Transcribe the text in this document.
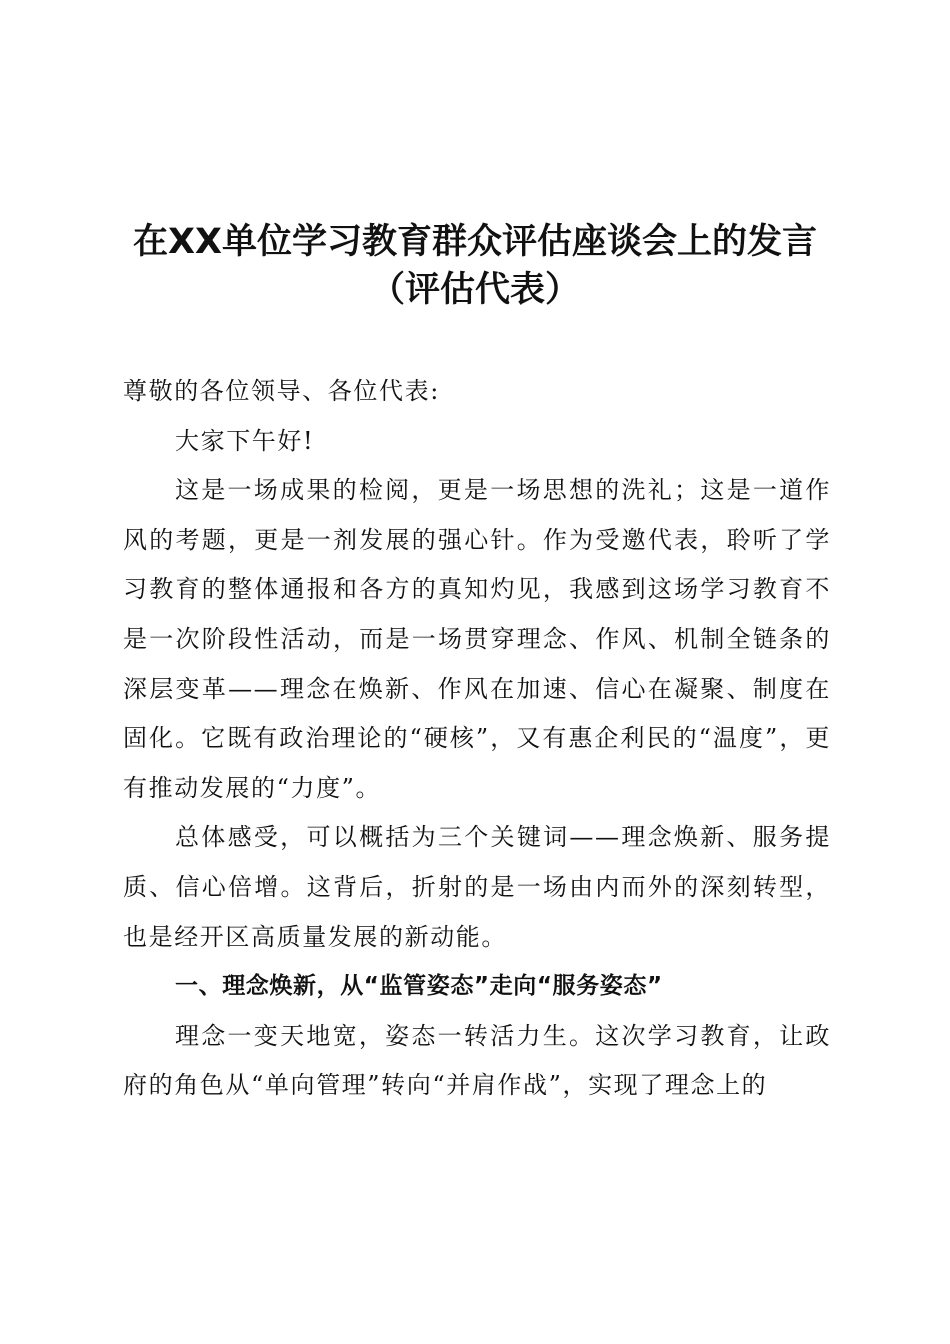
在XX单位学习教育群众评估座谈会上的发言
（评估代表）

尊敬的各位领导、各位代表:

大家下午好!

这是一场成果的检阅，更是一场思想的洗礼；这是一道作风的考题，更是一剂发展的强心针。作为受邀代表，聆听了学习教育的整体通报和各方的真知灼见，我感到这场学习教育不是一次阶段性活动，而是一场贯穿理念、作风、机制全链条的深层变革——理念在焕新、作风在加速、信心在凝聚、制度在固化。它既有政治理论的“硬核”，又有惠企利民的“温度”，更有推动发展的“力度”。

总体感受，可以概括为三个关键词——理念焕新、服务提质、信心倍增。这背后，折射的是一场由内而外的深刻转型，也是经开区高质量发展的新动能。

一、理念焕新，从“监管姿态”走向“服务姿态”

理念一变天地宽，姿态一转活力生。这次学习教育，让政府的角色从“单向管理”转向“并肩作战”，实现了理念上的
